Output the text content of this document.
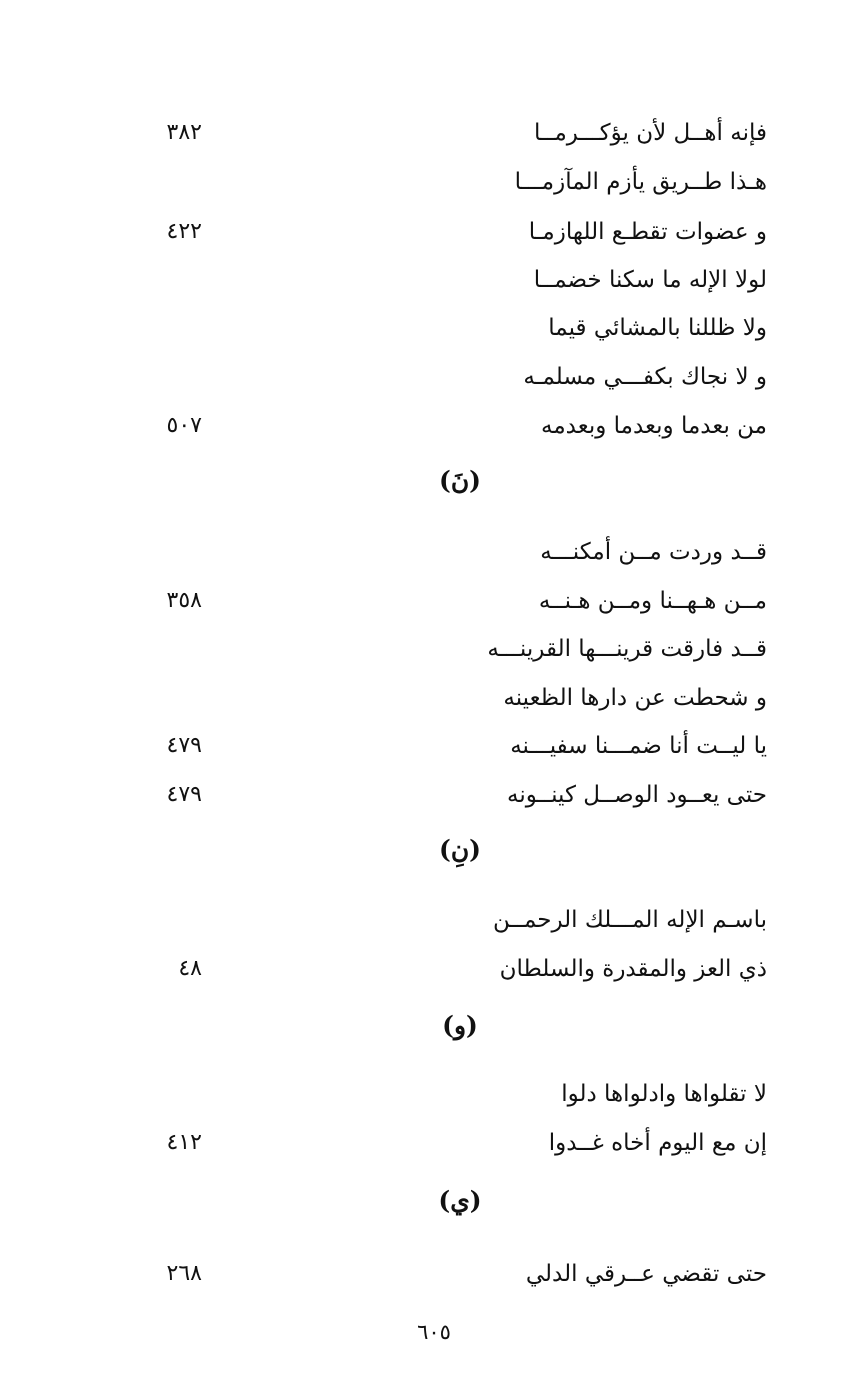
فإنه أهــل لأن يؤكـــرمــا
٣٨٢
هـذا طــريق يأزم المآزمـــا
و عضوات تقطـع اللهازمـا
٤٢٢
لولا الإله ما سكنا خضمــا
ولا ظللنا بالمشائي قيما
و لا نجاك بكفـــي مسلمـه
من بعدما وبعدما وبعدمه
٥٠٧
(نَ)
قــد وردت مــن أمكنـــه
مــن هـهــنا ومــن هـنــه
٣٥٨
قــد فارقت قرينـــها القرينـــه
و شحطت عن دارها الظعينه
يا ليــت أنا ضمـــنا سفيـــنه
٤٧٩
حتى يعــود الوصــل كينــونه
٤٧٩
(نِ)
باسـم الإله المـــلك الرحمــن
ذي العز والمقدرة والسلطان
٤٨
(و)
لا تقلواها وادلواها دلوا
إن مع اليوم أخاه غــدوا
٤١٢
(ي)
حتى تقضي عــرقي الدلي
٢٦٨
٦٠٥
